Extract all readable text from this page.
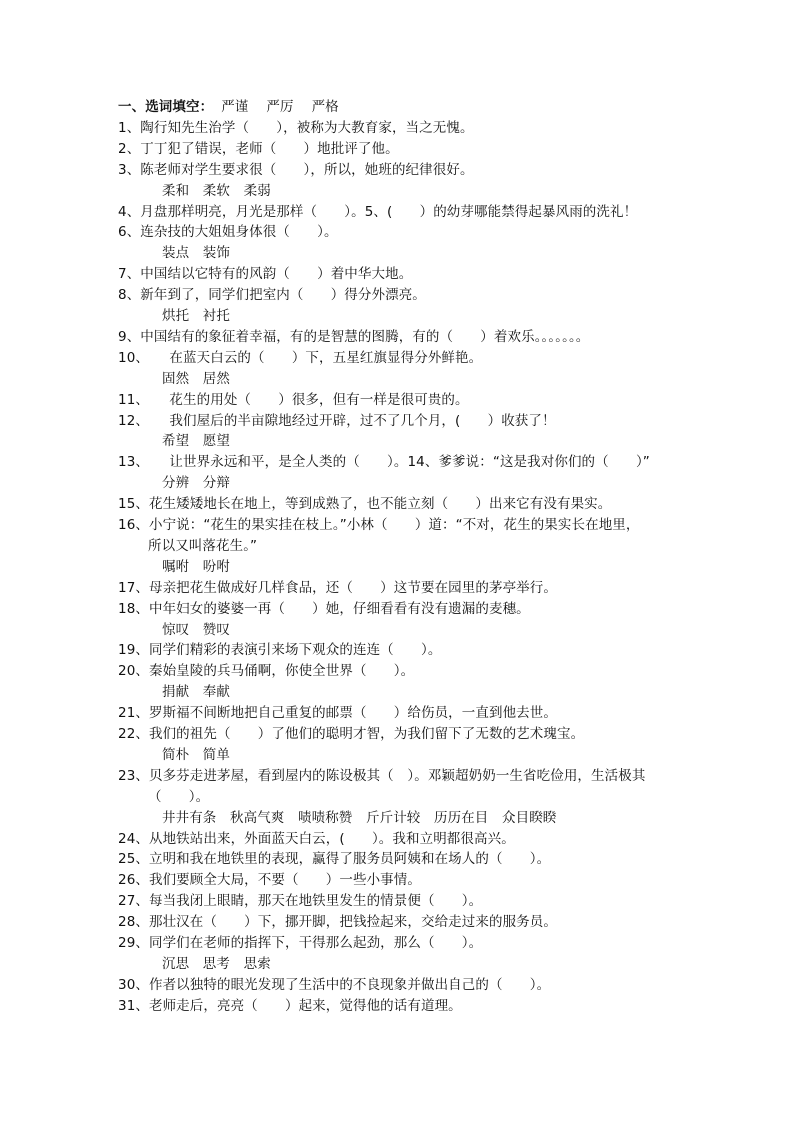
一、选词填空： 严谨　 严厉　 严格
1、陶行知先生治学（　　），被称为大教育家，当之无愧。
2、丁丁犯了错误，老师（　　）地批评了他。
3、陈老师对学生要求很（　　），所以，她班的纪律很好。
柔和　柔软　柔弱
4、月盘那样明亮，月光是那样（　　）。5、(　　）的幼芽哪能禁得起暴风雨的洗礼！
6、连杂技的大姐姐身体很（　　）。
装点　装饰
7、中国结以它特有的风韵（　　）着中华大地。
8、新年到了，同学们把室内（　　）得分外漂亮。
烘托　衬托
9、中国结有的象征着幸福，有的是智慧的图腾，有的（　　）着欢乐。。。。。。。
10、　　在蓝天白云的（　　）下，五星红旗显得分外鲜艳。
固然　居然
11、　　花生的用处（　　）很多，但有一样是很可贵的。
12、　　我们屋后的半亩隙地经过开辟，过不了几个月，(　　）收获了！
希望　愿望
13、　　让世界永远和平，是全人类的（　　）。14、爹爹说：“这是我对你们的（　　）”
分辨　分辩
15、花生矮矮地长在地上，等到成熟了，也不能立刻（　　）出来它有没有果实。
16、小宁说：“花生的果实挂在枝上。”小林（　　）道：“不对，花生的果实长在地里，
所以又叫落花生。”
嘱咐　吩咐
17、母亲把花生做成好几样食品，还（　　）这节要在园里的茅亭举行。
18、中年妇女的婆婆一再（　　）她，仔细看看有没有遗漏的麦穗。
惊叹　赞叹
19、同学们精彩的表演引来场下观众的连连（　　）。
20、秦始皇陵的兵马俑啊，你使全世界（　　）。
捐献　奉献
21、罗斯福不间断地把自己重复的邮票（　　）给伤员，一直到他去世。
22、我们的祖先（　　）了他们的聪明才智，为我们留下了无数的艺术瑰宝。
简朴　简单
23、贝多芬走进茅屋，看到屋内的陈设极其（　）。邓颖超奶奶一生省吃俭用，生活极其
（　　）。
井井有条　秋高气爽　啧啧称赞　斤斤计较　历历在目　众目睽睽
24、从地铁站出来，外面蓝天白云，(　　）。我和立明都很高兴。
25、立明和我在地铁里的表现，赢得了服务员阿姨和在场人的（　　）。
26、我们要顾全大局，不要（　　）一些小事情。
27、每当我闭上眼睛，那天在地铁里发生的情景便（　　）。
28、那壮汉在（　　）下，挪开脚，把钱捡起来，交给走过来的服务员。
29、同学们在老师的指挥下，干得那么起劲，那么（　　）。
沉思　思考　思索
30、作者以独特的眼光发现了生活中的不良现象并做出自己的（　　）。
31、老师走后，亮亮（　　）起来，觉得他的话有道理。
